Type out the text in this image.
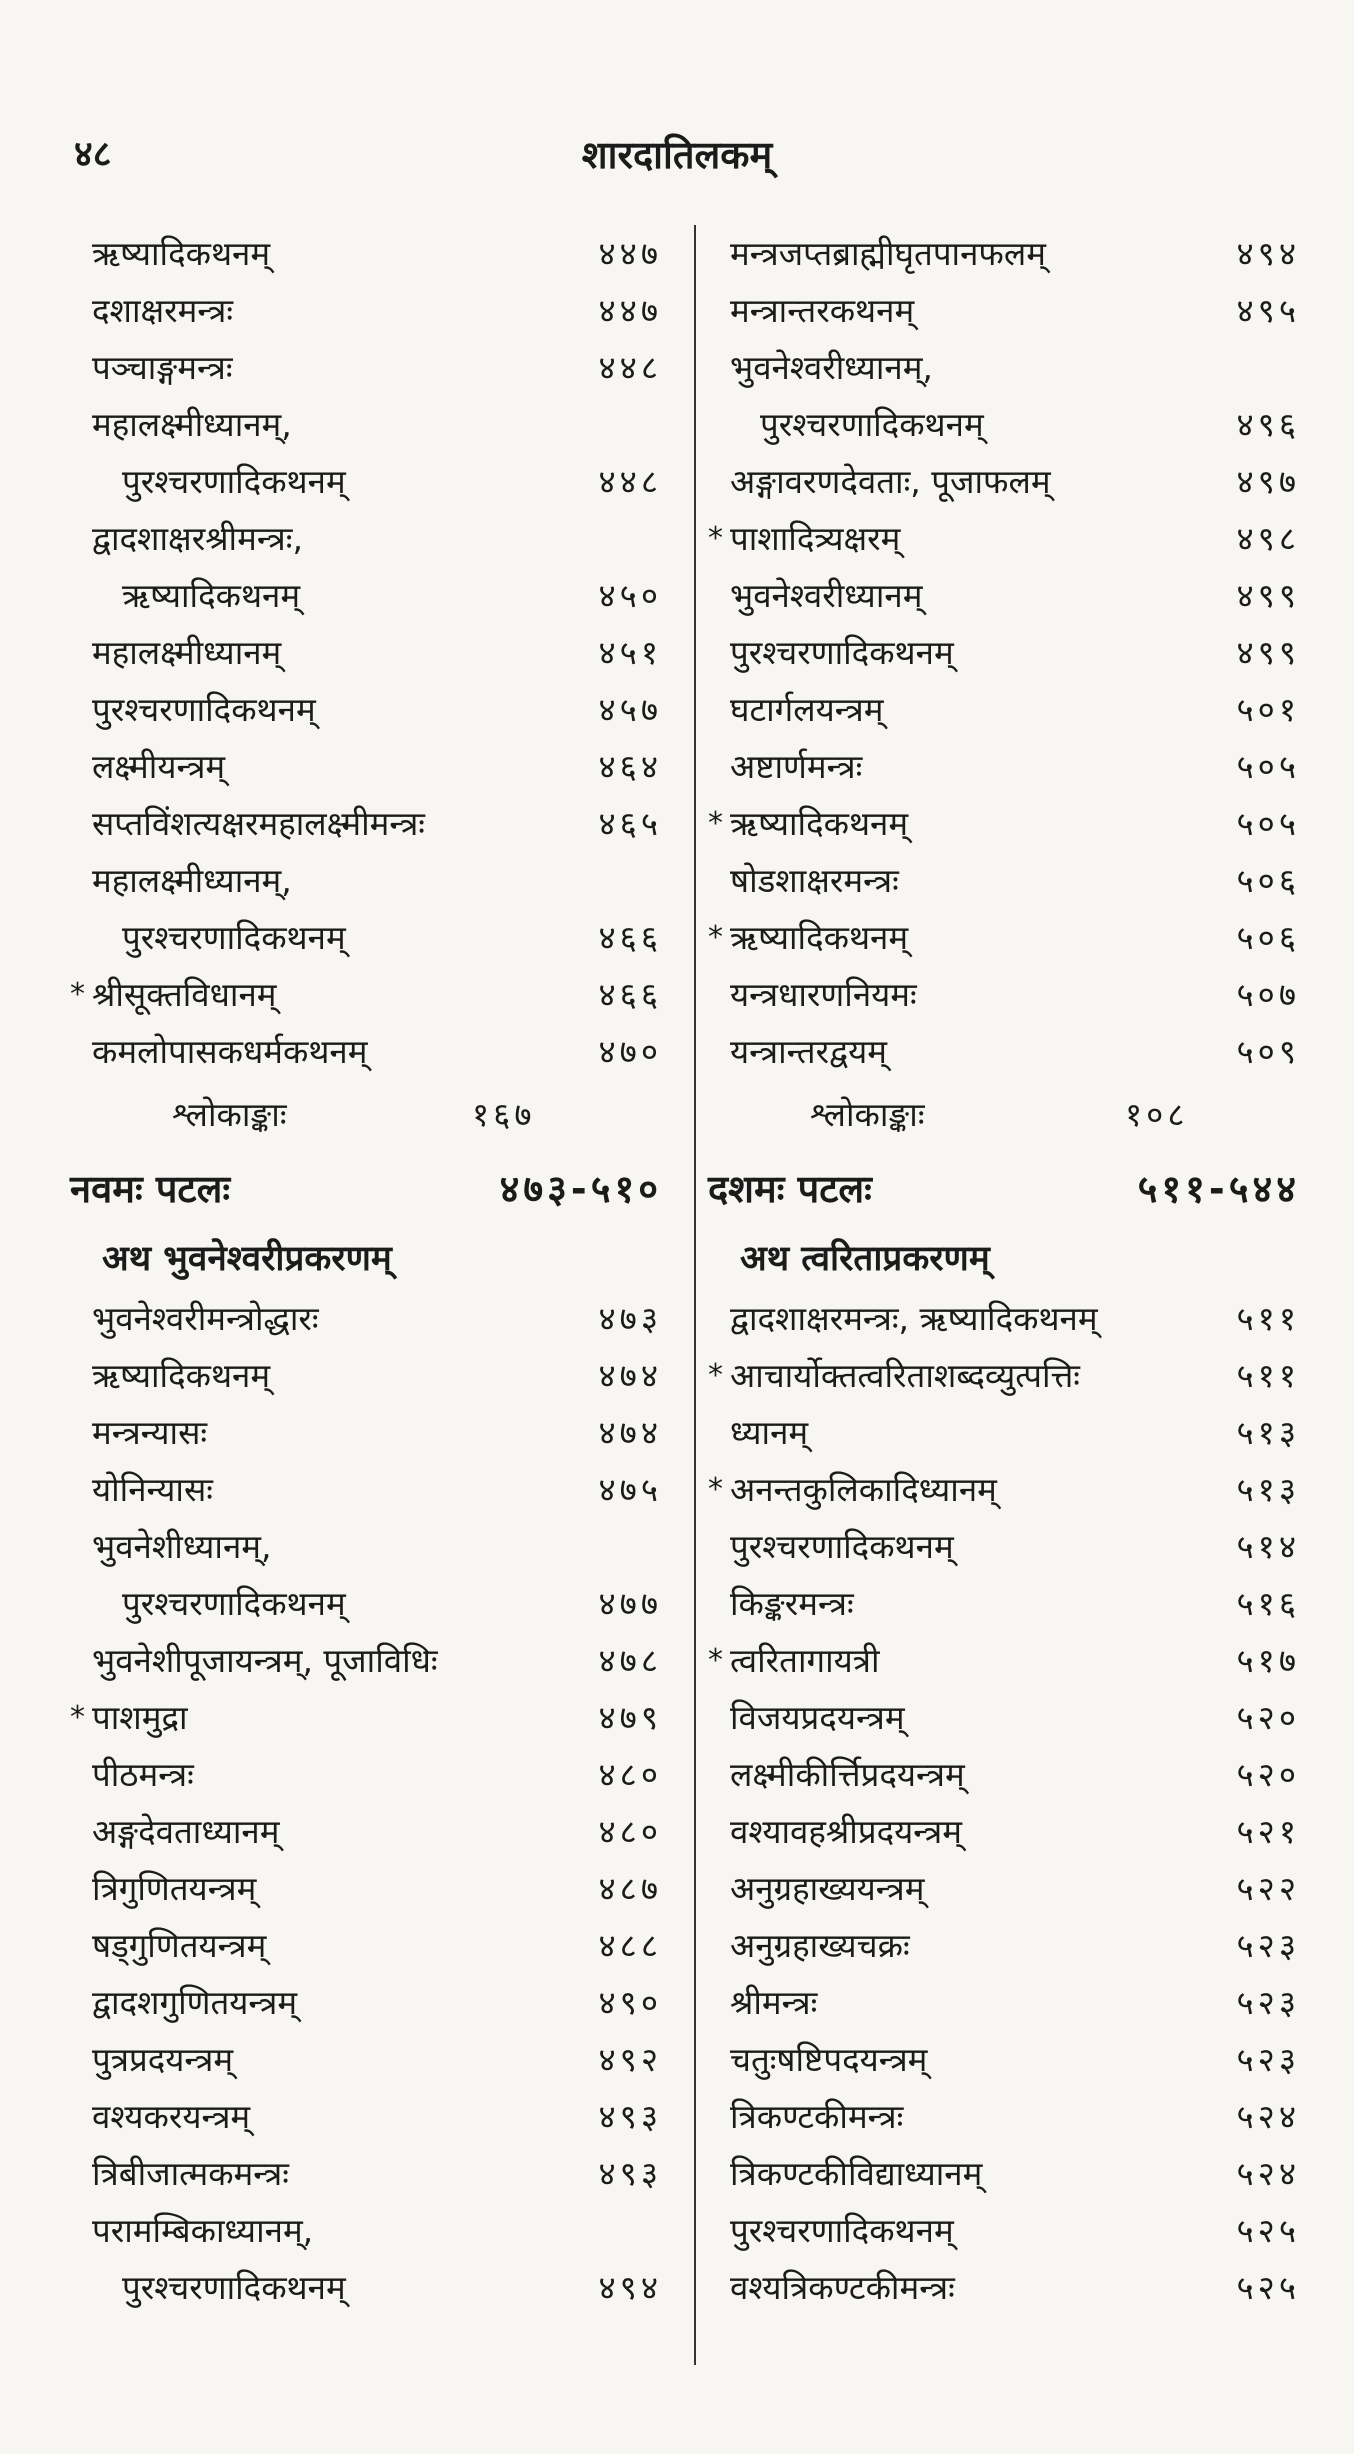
४८	शारदातिलकम्
ऋष्यादिकथनम्	४४७
दशाक्षरमन्त्रः	४४७
पञ्चाङ्गमन्त्रः	४४८
महालक्ष्मीध्यानम्,
पुरश्चरणादिकथनम्	४४८
द्वादशाक्षरश्रीमन्त्रः,
ऋष्यादिकथनम्	४५०
महालक्ष्मीध्यानम्	४५१
पुरश्चरणादिकथनम्	४५७
लक्ष्मीयन्त्रम्	४६४
सप्तविंशत्यक्षरमहालक्ष्मीमन्त्रः	४६५
महालक्ष्मीध्यानम्,
पुरश्चरणादिकथनम्	४६६
* श्रीसूक्तविधानम्	४६६
कमलोपासकधर्मकथनम्	४७०
श्लोकाङ्काः	१६७
नवमः पटलः	४७३-५१०
अथ भुवनेश्वरीप्रकरणम्
भुवनेश्वरीमन्त्रोद्धारः	४७३
ऋष्यादिकथनम्	४७४
मन्त्रन्यासः	४७४
योनिन्यासः	४७५
भुवनेशीध्यानम्,
पुरश्चरणादिकथनम्	४७७
भुवनेशीपूजायन्त्रम्, पूजाविधिः	४७८
* पाशमुद्रा	४७९
पीठमन्त्रः	४८०
अङ्गदेवताध्यानम्	४८०
त्रिगुणितयन्त्रम्	४८७
षड्गुणितयन्त्रम्	४८८
द्वादशगुणितयन्त्रम्	४९०
पुत्रप्रदयन्त्रम्	४९२
वश्यकरयन्त्रम्	४९३
त्रिबीजात्मकमन्त्रः	४९३
परामम्बिकाध्यानम्,
पुरश्चरणादिकथनम्	४९४
मन्त्रजप्तब्राह्मीघृतपानफलम्	४९४
मन्त्रान्तरकथनम्	४९५
भुवनेश्वरीध्यानम्,
पुरश्चरणादिकथनम्	४९६
अङ्गावरणदेवताः, पूजाफलम्	४९७
* पाशादित्र्यक्षरम्	४९८
भुवनेश्वरीध्यानम्	४९९
पुरश्चरणादिकथनम्	४९९
घटार्गलयन्त्रम्	५०१
अष्टार्णमन्त्रः	५०५
* ऋष्यादिकथनम्	५०५
षोडशाक्षरमन्त्रः	५०६
* ऋष्यादिकथनम्	५०६
यन्त्रधारणनियमः	५०७
यन्त्रान्तरद्वयम्	५०९
श्लोकाङ्काः	१०८
दशमः पटलः	५११-५४४
अथ त्वरिताप्रकरणम्
द्वादशाक्षरमन्त्रः, ऋष्यादिकथनम्	५११
* आचार्योक्तत्वरिताशब्दव्युत्पत्तिः	५११
ध्यानम्	५१३
* अनन्तकुलिकादिध्यानम्	५१३
पुरश्चरणादिकथनम्	५१४
किङ्करमन्त्रः	५१६
* त्वरितागायत्री	५१७
विजयप्रदयन्त्रम्	५२०
लक्ष्मीकीर्त्तिप्रदयन्त्रम्	५२०
वश्यावहश्रीप्रदयन्त्रम्	५२१
अनुग्रहाख्ययन्त्रम्	५२२
अनुग्रहाख्यचक्रः	५२३
श्रीमन्त्रः	५२३
चतुःषष्टिपदयन्त्रम्	५२३
त्रिकण्टकीमन्त्रः	५२४
त्रिकण्टकीविद्याध्यानम्	५२४
पुरश्चरणादिकथनम्	५२५
वश्यत्रिकण्टकीमन्त्रः	५२५
